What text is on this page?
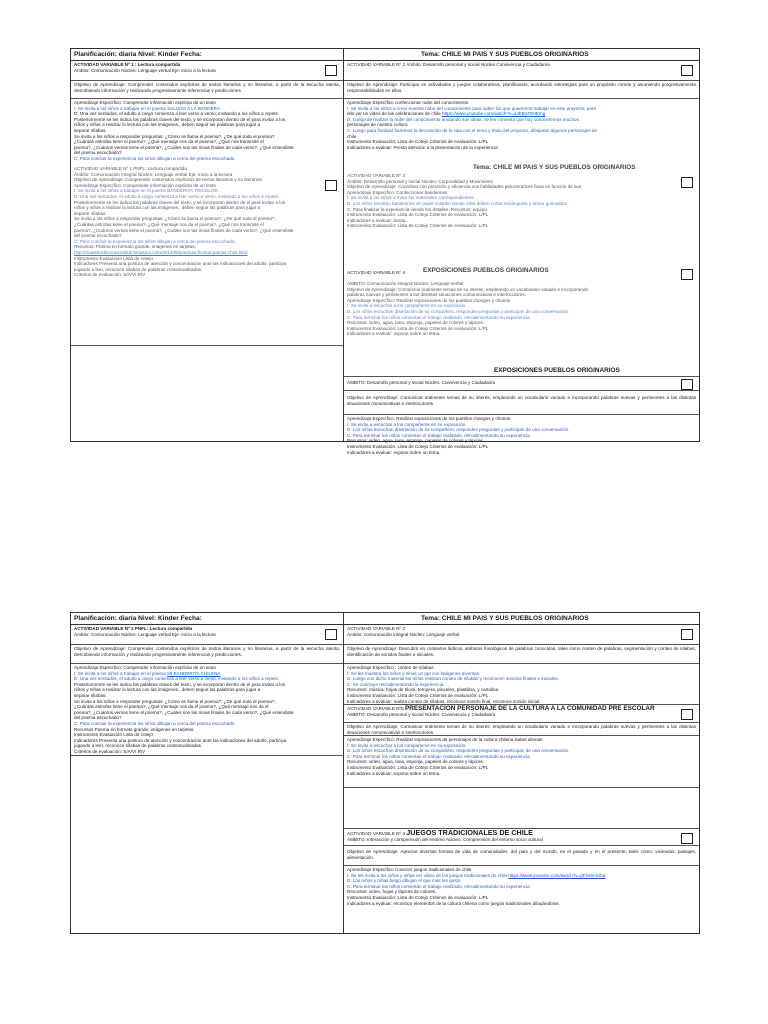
Planificación: diaria Nivel: Kinder Fecha:	Tema: CHILE MI PAIS Y SUS PUEBLOS ORIGINARIOS
ACTIVIDAD VARIABLE Nº 1 : Lectura compartida
Ámbito: Comunicación Núcleo: Lenguaje verbal Eje: Inicio a la lectura
Objetivo de Aprendizaje: Comprender contenidos explícitos de textos literarios y no literarios, a partir de la escucha atenta, describiendo información y realizando progresivamente inferencias y predicciones.
Aprendizaje Específico: Comprender información explícita de un texto
I: Se invita a los niños a trabajar en el poema SALUDO A LA BANDERA.
D: Una vez sentados, el adulto a cargo comienza a leer verso a verso, invitando a los niños a repetir.
Posteriormente se les indica los palabras claves del texto, y se incorporan dentro de el para invitar a los
niños y niñas a realizar la lectura con las imágenes., deben seguir las palabras para jugar a
separar sílabas.
Se invita a los niños a responder preguntas: ¿Cómo se llama el poema?, ¿De qué trata el poema?
¿Cuántas estrofas tiene el poema?, ¿Qué mensaje nos da el poema?, ¿Qué nos transmite el
poema?, ¿Cuántos versos tiene el poema?, ¿Cuáles son las rimas finales de cada verso?, ¿Qué entendiste
del poema escuchado?
C: Para concluir la experiencia los niños dibujan a cerca del poema escuchado.
ACTIVIDAD VARIABLE Nº 1 PNFL: Lectura compartida
Ámbito: Comunicación Integral Núcleo: Lenguaje verbal Eje: Inicio a la lectura
Objetivo de Aprendizaje: Comprender contenidos explícitos de textos literarios y no literarios,
Aprendizaje Específico: Comprender información explícita de un texto
I: Se invita a los niños a trabajar en el poema BANDERITA TRICOLOR.
D: Una vez sentados, el adulto a cargo comienza a leer verso a verso, invitando a los niños a repetir
Posteriormente se les indica los palabras claves del texto, y se incorporan dentro de el para invitar a los
niños y niñas a realizar la lectura con las imágenes., deben seguir las palabras para jugar a
separar sílabas.
Se invita a los niños a responder preguntas: ¿Cómo se llama el poema?, ¿De qué trata el poema?,
¿Cuántas estrofas tiene el poema?, ¿Qué mensaje nos da el poema?, ¿Qué nos transmite el
poema?, ¿Cuántos versos tiene el poema?, ¿Cuáles son las rimas finales de cada verso?, ¿Qué entendiste
del poema escuchado?
C: Para concluir la experiencia los niños dibujan a cerca del poema escuchado.
Recursos: Poema en formato grande, imágenes en tarjetas,
http://maestrodecorazonblub.blogspot.com/2012/08/poemas-fiestas-patrias-chile.html
Instrumento Evaluación Lista de cotejo
Indicadores Presenta una postura de atención y concentración ante las indicaciones del adulto, participa
jugando a leer, reconoce sílabas de palabras contextualizadas.
Criterios de evaluación: S/A/V/ R/V
ACTIVIDAD VARIABLE Nº 2 Ámbito: Desarrollo personal y social Núcleo Convivencia y Ciudadanía
Objetivo de Aprendizaje: Participar en actividades y juegos colaborativos, planificando, acordando estrategias para un propósito común y asumiendo progresivamente responsabilidades en ellos.
Aprendizaje Específico confeccionar nube del conocimiento
I: Se invita a los niños a crear nuestra nube del conocimiento para saber los que queremos trabajar en este proyecto, para
ello ver un video de las celebraciones de chile https://www.youtube.com/watch?v=dJKBxZ0HEmg
D: Luego de realizar la nube del conocimiento anotando sus ideas, se les comenta que hoy conoceremos muchos
personajes de nuestra cultura
C: Luego para finalizar haremos la decoración de la sala con el tema y título del proyecto, dibujaran algunos personajes de
chile
Instrumento Evaluación: Lista de Cotejo Criterios de evaluación: L/PL
Indicadores a evaluar: Presta atención a la presentación de la experiencia
Tema: CHILE MI PAIS Y SUS PUEBLOS ORIGINARIOS
ACTIVIDAD VARIABLE Nº 3
Ámbito: Desarrollo personal y social Núcleo: Corporalidad y Movimiento
Objetivo de Aprendizaje: Coordinar con precisión y eficiencia sus habilidades psicomotrices finas en función de sus
Aprendizaje Específico: Confeccionar banderines
I: Se invita a los niños a mirar los materiales correspondientes.
D: Los niños recortan banderines de papel volantin donde ellos deben cortar rectángulos y armar guirnaldas
C: Para finalizar la experiencia viendo los detalles. Recursos: equipo.
Instrumento Evaluación: Lista de Cotejo Criterios de evaluación: L/PL
Indicadores a evaluar: borda.
Instrumento Evaluación: Lista de Cotejo Criterios de evaluación: L/PL
ACTIVIDAD VARIABLE Nº 4	EXPOSICIONES PUEBLOS ORIGINARIOS
ÁMBITO: Comunicación integral Núcleo: Lenguaje verbal
Objetivo de Aprendizaje: Comunicar oralmente temas de su interés, empleando un vocabulario variado e incorporando
palabras nuevas y pertinentes a las distintas situaciones comunicativas e interlocutores.
Aprendizaje Específico: Realizar exposiciones de los pueblos chongos y chonos
I: Se invita a escuchar a los compañeros en su exposición.
D: Los niños escuchan disertación de su compañero, responden preguntas y participan de una conversación.
C: Para terminar los niños comentan el trabajo realizado, retroalimentando su experiencia.
Recursos: video, agua, lana, esponja, papeles de colores y lápices.
Instrumento Evaluación: Lista de Cotejo Criterios de evaluación: L/PL
Indicadores a evaluar: expone sobre un tema.
EXPOSICIONES PUEBLOS ORIGINARIOS
ÁMBITO: Desarrollo personal y social Núcleo: Convivencia y Ciudadanía
Objetivo de Aprendizaje: Comunicar oralmente temas de su interés, empleando un vocabulario variado e incorporando palabras nuevas y pertinentes a las distintas situaciones comunicativas e interlocutores.
Aprendizaje Específico: Realizar exposiciones de los pueblos changos y chonos
I: Se invita a escuchar a los compañeros en su exposición.
D: Los niños escuchan disertación de su compañero, responden preguntas y participan de una conversación.
C: Para terminar los niños comentan el trabajo realizado, retroalimentando su experiencia.
Recursos: video, agua, lana, esponja, papeles de colores y lápices.
Instrumento Evaluación: Lista de Cotejo Criterios de evaluación: L/PL
Indicadores a evaluar: expone sobre un tema.
Planificación: diaria Nivel: Kinder Fecha:	Tema: CHILE MI PAIS Y SUS PUEBLOS ORIGINARIOS
ACTIVIDAD VARIABLE Nº 1 PNFL: Lectura compartida
Ámbito: Comunicación Núcleo: Lenguaje verbal Eje: Inicio a la lectura
Objetivo de Aprendizaje: Comprender contenidos explícitos de textos literarios y no literarios, a partir de la escucha atenta, describiendo información y realizando progresivamente inferencias y predicciones.
Aprendizaje Específico: Comprender información explícita de un texto
I: Se invita a los niños a trabajar en el poema MI BANDERITA CHILENA
D: Una vez sentados, el adulto a cargo comienza a leer verso a verso, invitando a los niños a repetir.
Posteriormente se les indica los palabras claves del texto, y se incorporan dentro de el para invitar a los
niños y niñas a realizar la lectura con las imágenes., deben seguir las palabras para jugar a
separar sílabas.
Se invita a los niños a responder preguntas: ¿Cómo se llama el poema?, ¿De qué trata el poema?,
¿Cuántas estrofas tiene el poema?, ¿Qué mensaje nos da el poema?, ¿Qué mensaje nos da el
poema?, ¿Cuántos versos tiene el poema?, ¿Cuáles son las rimas finales de cada verso?, ¿Qué entendiste
del poema escuchado?
C: Para concluir la experiencia los niños dibujan a cerca del poema escuchado.
Recursos Poema en formato grande, imágenes en tarjetas.
Instrumento Evaluación Lista de cotejo
Indicadores Presenta una postura de atención y concentración ante las indicaciones del adulto, participa
jugando a leer, reconoce sílabas de palabras contextualizadas.
Criterios de evaluación: S/A/V/ R/V
ACTIVIDAD VARIABLE Nº 2
Ámbito: comunicación integral Núcleo: Lenguaje verbal
Objetivo de Aprendizaje: Descubrir en contextos lúdicos, atributos fonológicos de palabras conocidas, tales como conteo de palabras, segmentación y conteo de sílabas, identificación de sonidos finales e iniciales.
Aprendizaje Específico : conteo de sílabas
I: Se les muestra los niños y niñas un ppt con imágenes diversas.
D: Luego con dicho material los niños realizan conteo de sílabas y reconocen sonidos finales e iniciales.
C: Se concluye retroalimentando la experiencia.
Recursos: música, hojas de block, tempera, pinceles, plastilina, y cartulina.
Instrumento Evaluación: Lista de Cotejo Criterios de evaluación: L/PL
Indicadores a evaluar: realiza conteo de sílabas, reconoce sonido final, reconoce sonido inicial.
ACTIVIDAD VARIABLE Nº5 PRESENTACIÓN PERSONAJE DE LA CULTURA A LA COMUNIDAD PRE ESCOLAR
ÁMBITO: Desarrollo personal y social Núcleo: Convivencia y Ciudadanía
Objetivo de Aprendizaje: Comunicar oralmente temas de su interés, empleando un vocabulario variado e incorporando palabras nuevas y pertinentes a las distintas situaciones comunicativas e interlocutores.
Aprendizaje Específico: Realizar exposiciones de personajes de la cultura chilena isabel allende
I: Se invita a escuchar a los compañeros en su exposición.
D: Los niños escuchan disertación de su compañero, responden preguntas y participan de una conversación.
C: Para terminar los niños comentan el trabajo realizado, retroalimentando su experiencia.
Recursos: video, agua, lana, esponja, papeles de colores y lápices.
Instrumento Evaluación: Lista de Cotejo Criterios de evaluación: L/PL
Indicadores a evaluar: expone sobre un tema.
ACTIVIDAD VARIABLE Nº 4 JUEGOS TRADICIONALES DE CHILE
ÁMBITO: Interacción y comprensión del entorno Núcleo: Comprensión del entorno socio cultural
Objetivo de Aprendizaje: Apreciar diversas formas de vida de comunidades, del país y del mundo, en el pasado y en el presente, tales como: viviendas, paisajes, alimentación.
Aprendizaje Específico Conocer juegos tradicionales de chile
I: Se les invita a los niños y niñas ver video de los juegos tradicionales de chile https://www.youtube.com/watch?v=gFhsle-kzha
D: Los niños y niñas luego dibujan el que más les gustó.
C: Para terminar los niños comentan el trabajo realizado, retroalimentando su experiencia.
Recursos: video, hojas y lápices de colores.
Instrumento Evaluación: Lista de Cotejo Criterios de evaluación: L/PL
Indicadores a evaluar: reconoce elementos de la cultura chilena como juegos tradicionales dibujándolos.
